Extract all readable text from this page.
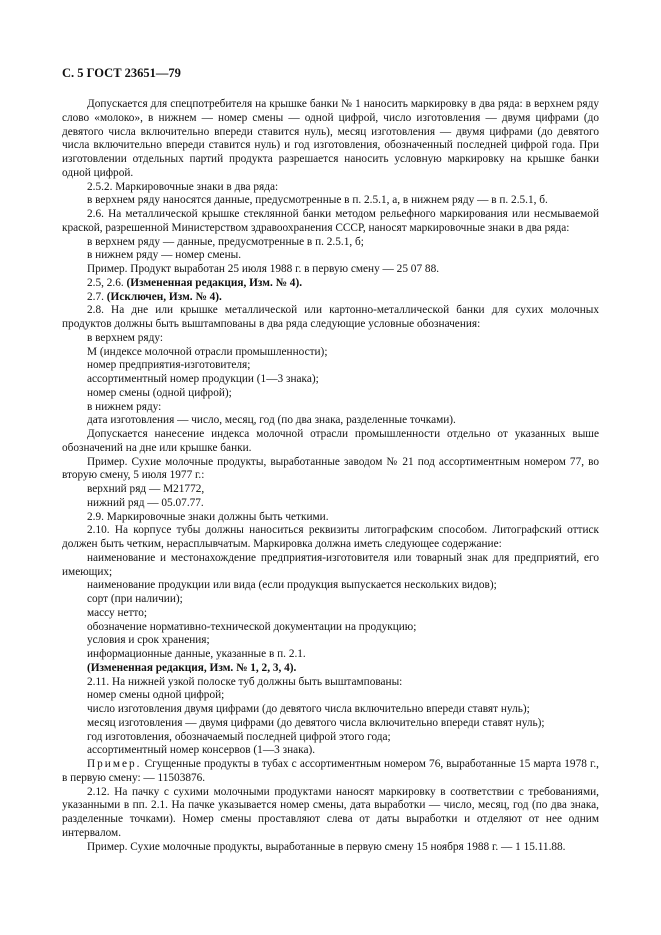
С. 5 ГОСТ 23651—79

Допускается для спецпотребителя на крышке банки № 1 наносить маркировку в два ряда: в верхнем ряду слово «молоко», в нижнем — номер смены — одной цифрой, число изготовления — двумя цифрами (до девятого числа включительно впереди ставится нуль), месяц изготовления — двумя цифрами (до девятого числа включительно впереди ставится нуль) и год изготовления, обозначенный последней цифрой года. При изготовлении отдельных партий продукта разрешается наносить условную маркировку на крышке банки одной цифрой.

2.5.2. Маркировочные знаки в два ряда:

в верхнем ряду наносятся данные, предусмотренные в п. 2.5.1, а, в нижнем ряду — в п. 2.5.1, б.

2.6. На металлической крышке стеклянной банки методом рельефного маркирования или несмываемой краской, разрешенной Министерством здравоохранения СССР, наносят маркировочные знаки в два ряда:

в верхнем ряду — данные, предусмотренные в п. 2.5.1, б;

в нижнем ряду — номер смены.

Пример. Продукт выработан 25 июля 1988 г. в первую смену — 25 07 88.

2.5, 2.6. (Измененная редакция, Изм. № 4).

2.7. (Исключен, Изм. № 4).

2.8. На дне или крышке металлической или картонно-металлической банки для сухих молочных продуктов должны быть выштампованы в два ряда следующие условные обозначения:

в верхнем ряду:

М (индексе молочной отрасли промышленности);

номер предприятия-изготовителя;

ассортиментный номер продукции (1—3 знака);

номер смены (одной цифрой);

в нижнем ряду:

дата изготовления — число, месяц, год (по два знака, разделенные точками).

Допускается нанесение индекса молочной отрасли промышленности отдельно от указанных выше обозначений на дне или крышке банки.

Пример. Сухие молочные продукты, выработанные заводом № 21 под ассортиментным номером 77, во вторую смену, 5 июля 1977 г.:

верхний ряд — М21772,

нижний ряд — 05.07.77.

2.9. Маркировочные знаки должны быть четкими.

2.10. На корпусе тубы должны наноситься реквизиты литографским способом. Литографский оттиск должен быть четким, нерасплывчатым. Маркировка должна иметь следующее содержание:

наименование и местонахождение предприятия-изготовителя или товарный знак для предприятий, его имеющих;

наименование продукции или вида (если продукция выпускается нескольких видов);

сорт (при наличии);

массу нетто;

обозначение нормативно-технической документации на продукцию;

условия и срок хранения;

информационные данные, указанные в п. 2.1.

(Измененная редакция, Изм. № 1, 2, 3, 4).

2.11. На нижней узкой полоске туб должны быть выштампованы:

номер смены одной цифрой;

число изготовления двумя цифрами (до девятого числа включительно впереди ставят нуль);

месяц изготовления — двумя цифрами (до девятого числа включительно впереди ставят нуль);

год изготовления, обозначаемый последней цифрой этого года;

ассортиментный номер консервов (1—3 знака).

Пример. Сгущенные продукты в тубах с ассортиментным номером 76, выработанные 15 марта 1978 г., в первую смену: — 11503876.

2.12. На пачку с сухими молочными продуктами наносят маркировку в соответствии с требованиями, указанными в пп. 2.1. На пачке указывается номер смены, дата выработки — число, месяц, год (по два знака, разделенные точками). Номер смены проставляют слева от даты выработки и отделяют от нее одним интервалом.

Пример. Сухие молочные продукты, выработанные в первую смену 15 ноября 1988 г. — 1 15.11.88.
